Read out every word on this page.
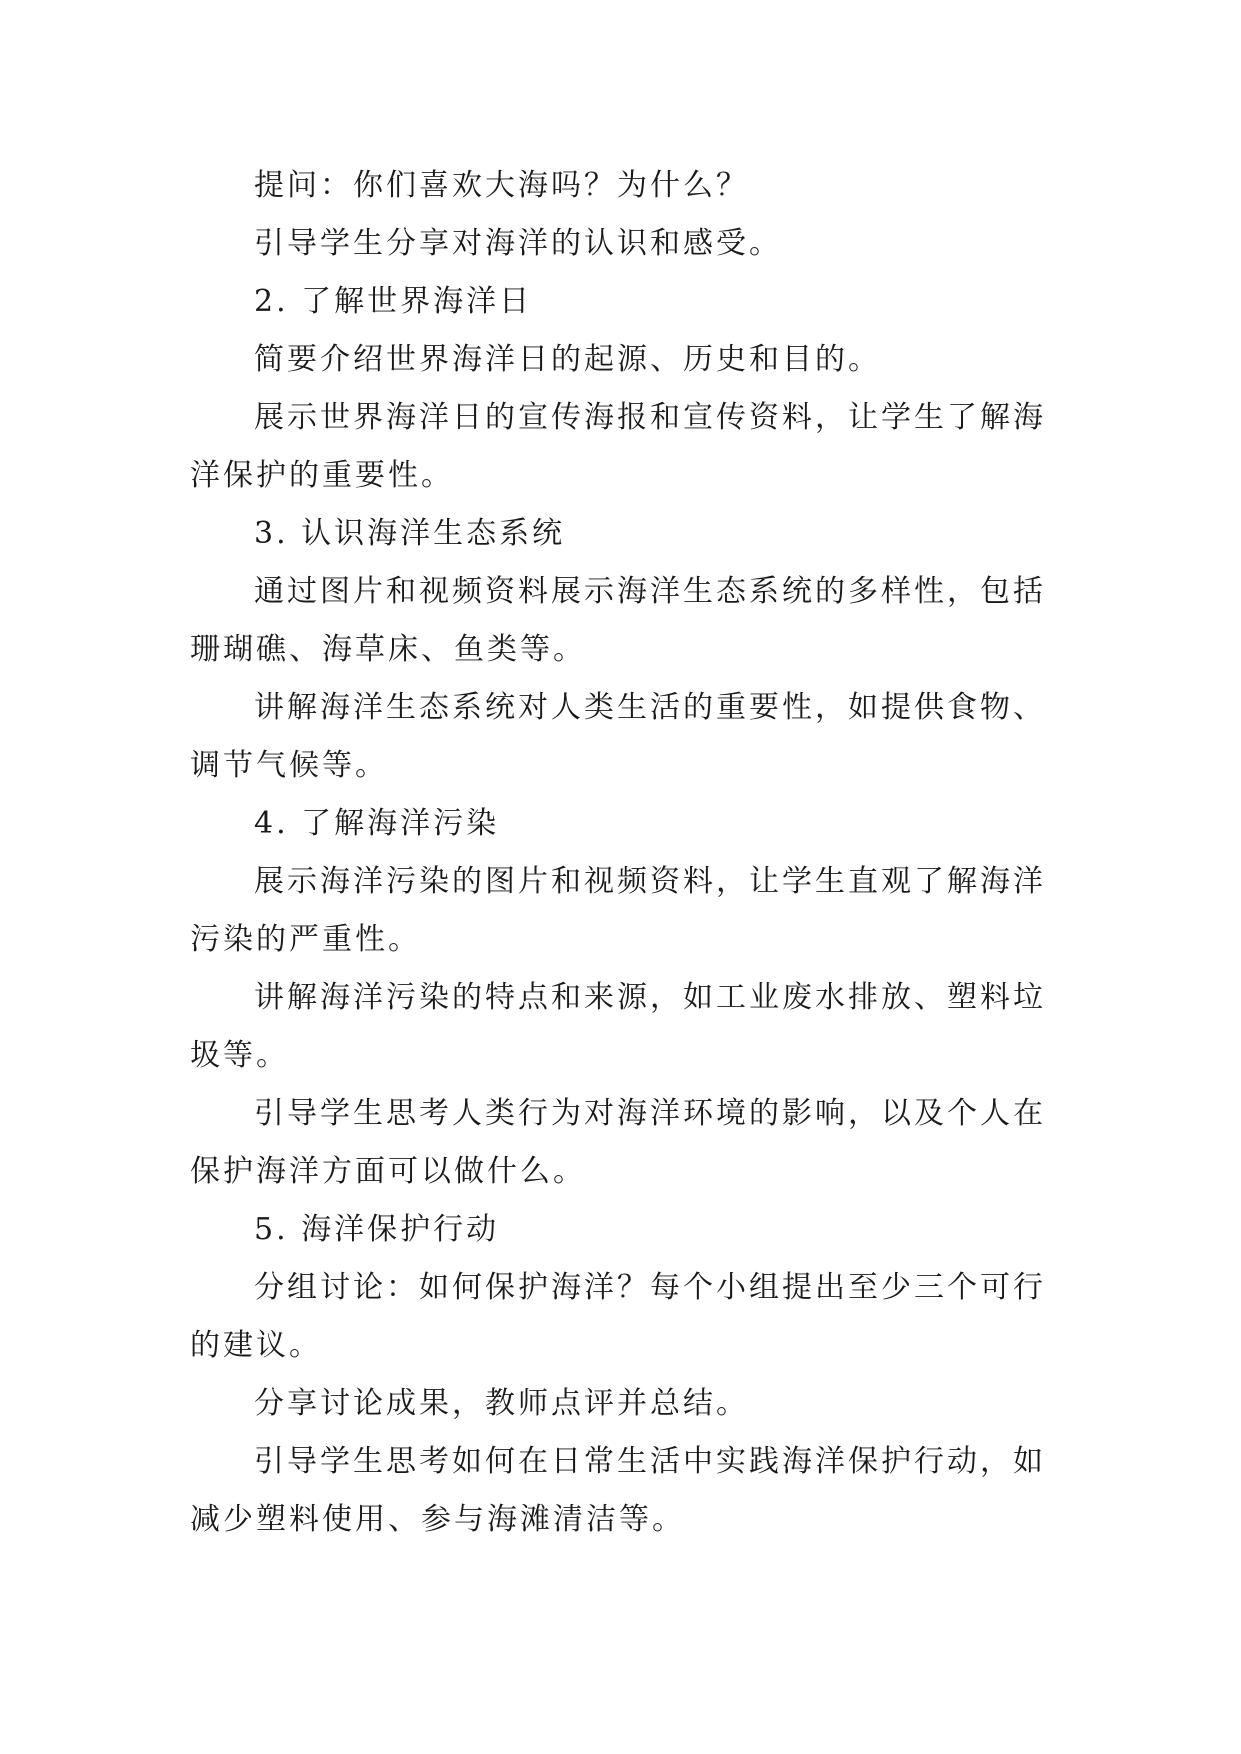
提问：你们喜欢大海吗？为什么？
引导学生分享对海洋的认识和感受。
2. 了解世界海洋日
简要介绍世界海洋日的起源、历史和目的。
展示世界海洋日的宣传海报和宣传资料，让学生了解海
洋保护的重要性。
3. 认识海洋生态系统
通过图片和视频资料展示海洋生态系统的多样性，包括
珊瑚礁、海草床、鱼类等。
讲解海洋生态系统对人类生活的重要性，如提供食物、
调节气候等。
4. 了解海洋污染
展示海洋污染的图片和视频资料，让学生直观了解海洋
污染的严重性。
讲解海洋污染的特点和来源，如工业废水排放、塑料垃
圾等。
引导学生思考人类行为对海洋环境的影响，以及个人在
保护海洋方面可以做什么。
5. 海洋保护行动
分组讨论：如何保护海洋？每个小组提出至少三个可行
的建议。
分享讨论成果，教师点评并总结。
引导学生思考如何在日常生活中实践海洋保护行动，如
减少塑料使用、参与海滩清洁等。
